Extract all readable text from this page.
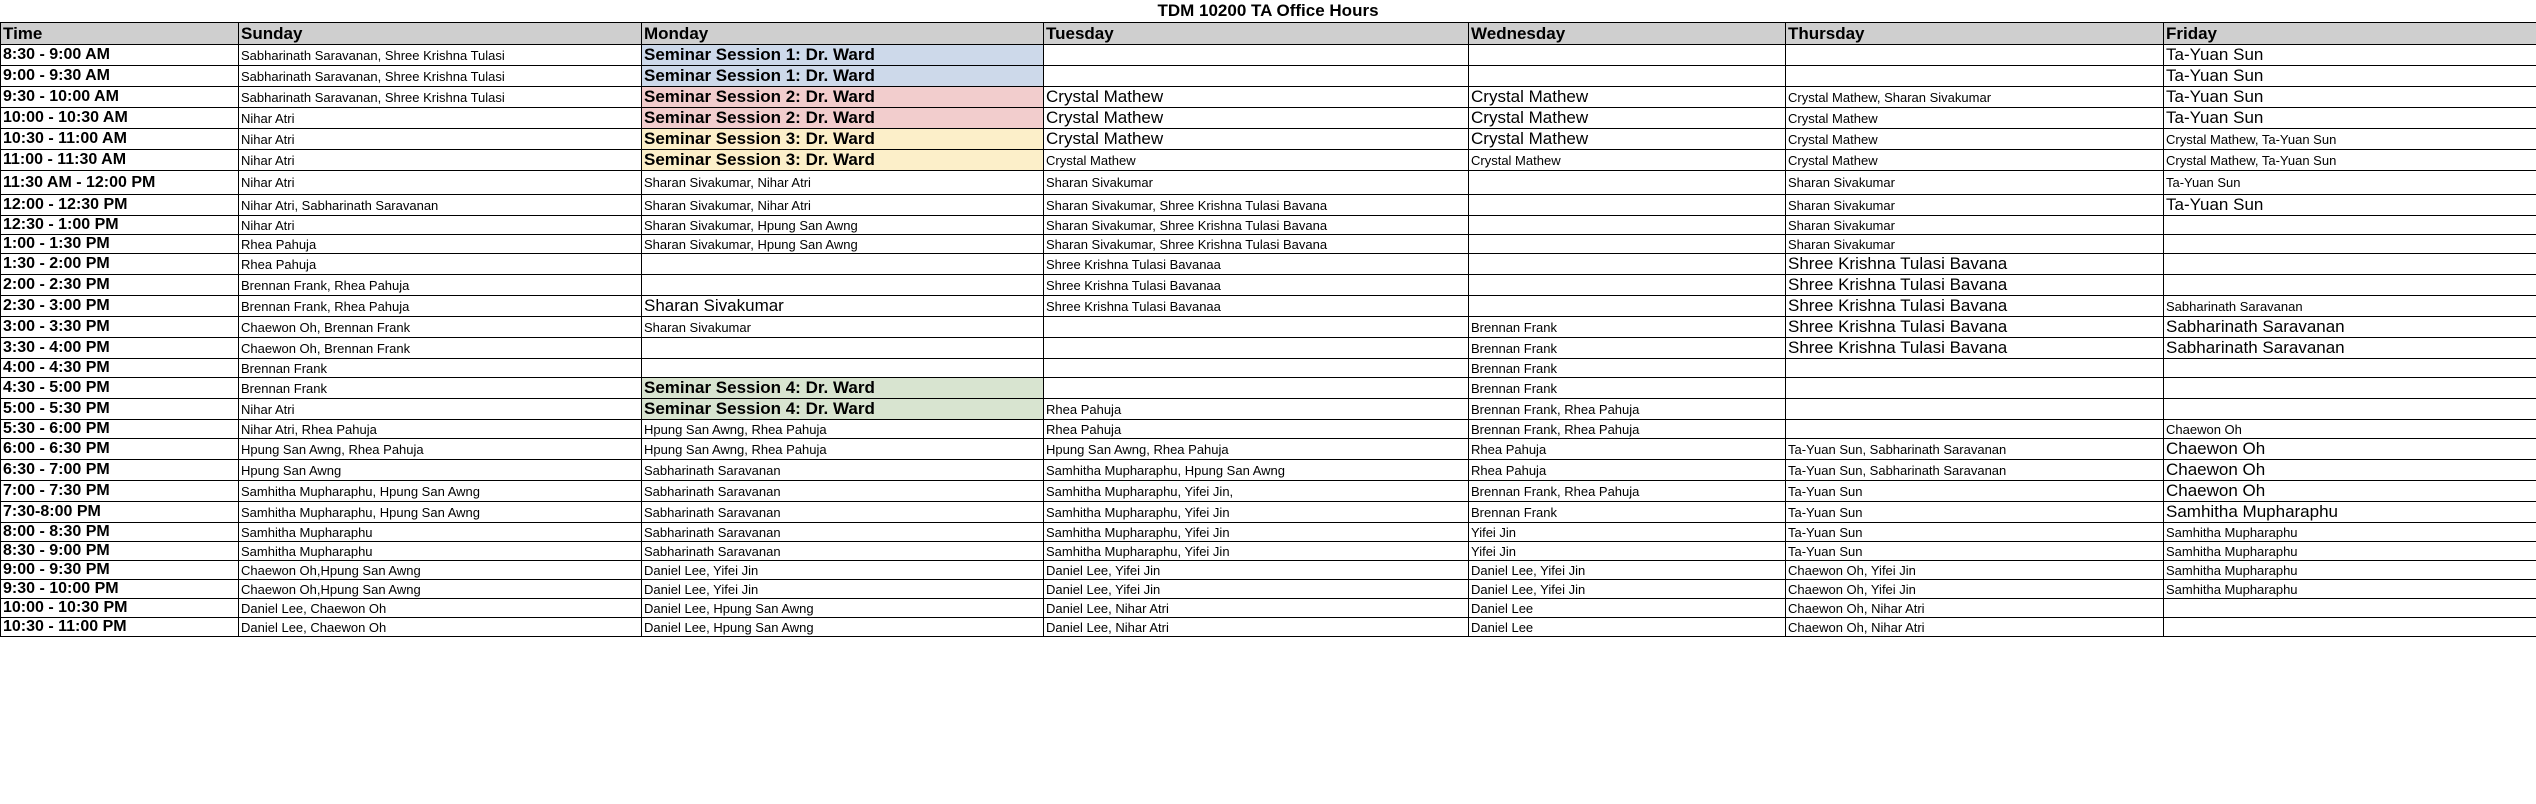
TDM 10200 TA Office Hours
Time	Sunday	Monday	Tuesday	Wednesday	Thursday	Friday
8:30 - 9:00 AM	Sabharinath Saravanan, Shree Krishna Tulasi	Seminar Session 1: Dr. Ward				Ta-Yuan Sun
9:00 - 9:30 AM	Sabharinath Saravanan, Shree Krishna Tulasi	Seminar Session 1: Dr. Ward				Ta-Yuan Sun
9:30 - 10:00 AM	Sabharinath Saravanan, Shree Krishna Tulasi	Seminar Session 2: Dr. Ward	Crystal Mathew	Crystal Mathew	Crystal Mathew, Sharan Sivakumar	Ta-Yuan Sun
10:00 - 10:30 AM	Nihar Atri	Seminar Session 2: Dr. Ward	Crystal Mathew	Crystal Mathew	Crystal Mathew	Ta-Yuan Sun
10:30 - 11:00 AM	Nihar Atri	Seminar Session 3: Dr. Ward	Crystal Mathew	Crystal Mathew	Crystal Mathew	Crystal Mathew, Ta-Yuan Sun
11:00 - 11:30 AM	Nihar Atri	Seminar Session 3: Dr. Ward	Crystal Mathew	Crystal Mathew	Crystal Mathew	Crystal Mathew, Ta-Yuan Sun
11:30 AM - 12:00 PM	Nihar Atri	Sharan Sivakumar, Nihar Atri	Sharan Sivakumar		Sharan Sivakumar	Ta-Yuan Sun
12:00 - 12:30 PM	Nihar Atri, Sabharinath Saravanan	Sharan Sivakumar, Nihar Atri	Sharan Sivakumar, Shree Krishna Tulasi Bavana		Sharan Sivakumar	Ta-Yuan Sun
12:30 - 1:00 PM	Nihar Atri	Sharan Sivakumar, Hpung San Awng	Sharan Sivakumar, Shree Krishna Tulasi Bavana		Sharan Sivakumar	
1:00 - 1:30 PM	Rhea Pahuja	Sharan Sivakumar, Hpung San Awng	Sharan Sivakumar, Shree Krishna Tulasi Bavana		Sharan Sivakumar	
1:30 - 2:00 PM	Rhea Pahuja		Shree Krishna Tulasi Bavanaa		Shree Krishna Tulasi Bavana	
2:00 - 2:30 PM	Brennan Frank, Rhea Pahuja		Shree Krishna Tulasi Bavanaa		Shree Krishna Tulasi Bavana	
2:30 - 3:00 PM	Brennan Frank, Rhea Pahuja	Sharan Sivakumar	Shree Krishna Tulasi Bavanaa		Shree Krishna Tulasi Bavana	Sabharinath Saravanan
3:00 - 3:30 PM	Chaewon Oh, Brennan Frank	Sharan Sivakumar		Brennan Frank	Shree Krishna Tulasi Bavana	Sabharinath Saravanan
3:30 - 4:00 PM	Chaewon Oh, Brennan Frank			Brennan Frank	Shree Krishna Tulasi Bavana	Sabharinath Saravanan
4:00 - 4:30 PM	Brennan Frank			Brennan Frank		
4:30 - 5:00 PM	Brennan Frank	Seminar Session 4: Dr. Ward		Brennan Frank		
5:00 - 5:30 PM	Nihar Atri	Seminar Session 4: Dr. Ward	Rhea Pahuja	Brennan Frank, Rhea Pahuja		
5:30 - 6:00 PM	Nihar Atri, Rhea Pahuja	Hpung San Awng, Rhea Pahuja	Rhea Pahuja	Brennan Frank, Rhea Pahuja		Chaewon Oh
6:00 - 6:30 PM	Hpung San Awng, Rhea Pahuja	Hpung San Awng, Rhea Pahuja	Hpung San Awng, Rhea Pahuja	Rhea Pahuja	Ta-Yuan Sun, Sabharinath Saravanan	Chaewon Oh
6:30 - 7:00 PM	Hpung San Awng	Sabharinath Saravanan	Samhitha Mupharaphu, Hpung San Awng	Rhea Pahuja	Ta-Yuan Sun, Sabharinath Saravanan	Chaewon Oh
7:00 - 7:30 PM	Samhitha Mupharaphu, Hpung San Awng	Sabharinath Saravanan	Samhitha Mupharaphu, Yifei Jin,	Brennan Frank, Rhea Pahuja	Ta-Yuan Sun	Chaewon Oh
7:30-8:00 PM	Samhitha Mupharaphu, Hpung San Awng	Sabharinath Saravanan	Samhitha Mupharaphu, Yifei Jin	Brennan Frank	Ta-Yuan Sun	Samhitha Mupharaphu
8:00 - 8:30 PM	Samhitha Mupharaphu	Sabharinath Saravanan	Samhitha Mupharaphu, Yifei Jin	Yifei Jin	Ta-Yuan Sun	Samhitha Mupharaphu
8:30 - 9:00 PM	Samhitha Mupharaphu	Sabharinath Saravanan	Samhitha Mupharaphu, Yifei Jin	Yifei Jin	Ta-Yuan Sun	Samhitha Mupharaphu
9:00 - 9:30 PM	Chaewon Oh,Hpung San Awng	Daniel Lee, Yifei Jin	Daniel Lee, Yifei Jin	Daniel Lee, Yifei Jin	Chaewon Oh, Yifei Jin	Samhitha Mupharaphu
9:30 - 10:00 PM	Chaewon Oh,Hpung San Awng	Daniel Lee, Yifei Jin	Daniel Lee, Yifei Jin	Daniel Lee, Yifei Jin	Chaewon Oh, Yifei Jin	Samhitha Mupharaphu
10:00 - 10:30 PM	Daniel Lee, Chaewon Oh	Daniel Lee, Hpung San Awng	Daniel Lee, Nihar Atri	Daniel Lee	Chaewon Oh, Nihar Atri	
10:30 - 11:00 PM	Daniel Lee, Chaewon Oh	Daniel Lee, Hpung San Awng	Daniel Lee, Nihar Atri	Daniel Lee	Chaewon Oh, Nihar Atri	
